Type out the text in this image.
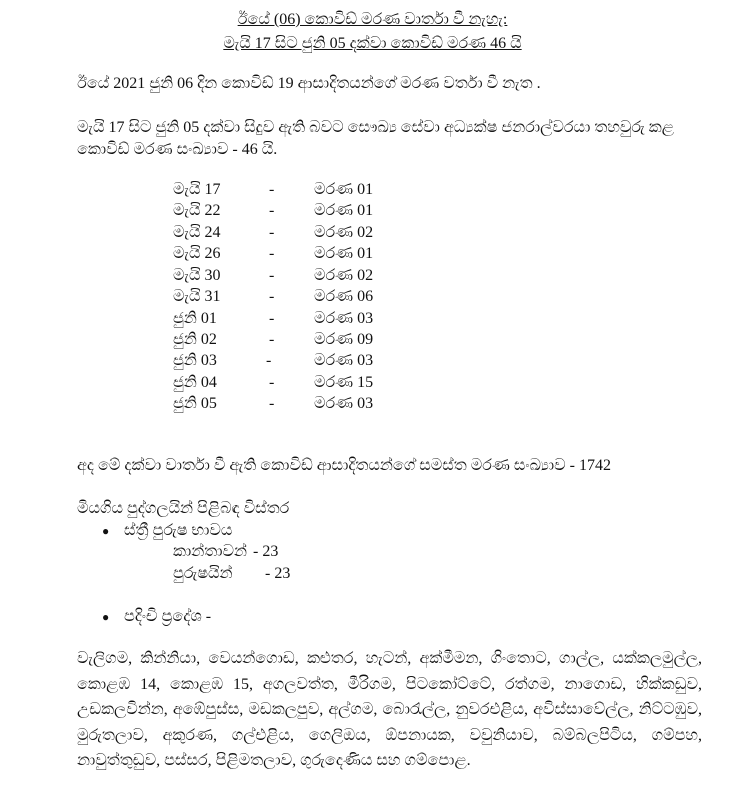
ඊයේ (06) කොවිඩ් මරණ වාර්තා වී නැහැ:
මැයි 17 සිට ජුනි 05 දක්වා කොවිඩ් මරණ 46 යි

ඊයේ 2021 ජුනි 06 දින කොවිඩ් 19 ආසාදිතයන්ගේ මරණ වර්තා වී නැත .

මැයි 17 සිට ජුනි 05 දක්වා සිදුව ඇති බවට සෞඛ්‍ය සේවා අධ්‍යක්ෂ ජනරාල්වරයා තහවුරු කළ කොවිඩ් මරණ සංඛ්‍යාව - 46 යි.

මැයි 17	- මරණ 01
මැයි 22	- මරණ 01
මැයි 24	- මරණ 02
මැයි 26	- මරණ 01
මැයි 30	- මරණ 02
මැයි 31	- මරණ 06
ජුනි 01	- මරණ 03
ජුනි 02	- මරණ 09
ජුනි 03	-	මරණ 03
ජුනි 04	- මරණ 15
ජුනි 05	- මරණ 03

අද මේ දක්වා වාර්තා වී ඇති කොවිඩ් ආසාදිතයන්ගේ සමස්ත මරණ සංඛ්‍යාව - 1742

මියගිය පුද්ගලයින් පිළිබඳ විස්තර

● ස්ත්‍රී පුරුෂ භාවය
කාන්තාවන් - 23
පුරුෂයින් - 23
● පදිංචි ප්‍රදේශ -

වැලිගම, කින්නියා, වෙයන්ගොඩ, කළුතර, හැටන්, අක්මීමන, ගිංතොට, ගාල්ල, යක්කලමුල්ල, කොළඹ 14, කොළඹ 15, අගලවත්ත, මීරිගම, පිටකෝට්ටේ, රත්ගම, නාගොඩ, හික්කඩුව, උඩකලවින්න, අඹේපුස්ස, මඩකලපුව, අල්ගම, බොරැල්ල, නුවරඑළිය, අවිස්සාවේල්ල, නිට්ටඹුව, මුරුතලාව, අකුරණ, ගල්එළිය, ගෙලිඔය, ඕපනායක, වවුනියාව, බම්බලපිටිය, ගම්පහ, නාවුත්තුඩුව, පස්සර, පිළිමතලාව, ගුරුදෙණිය සහ ගම්පොළ.
